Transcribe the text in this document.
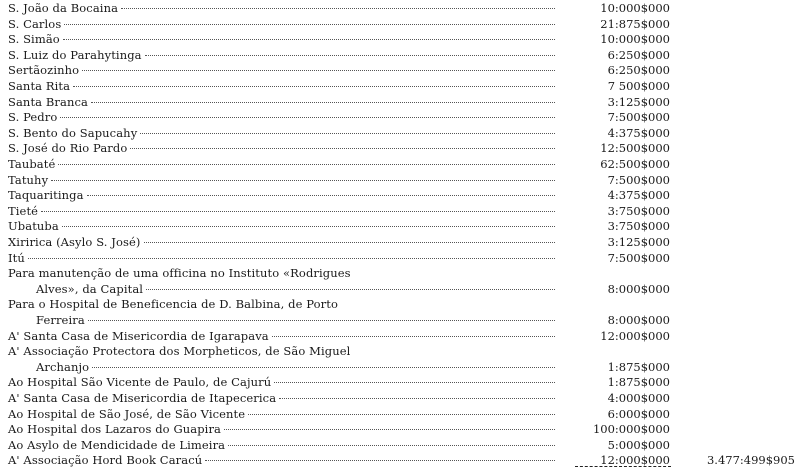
S. João da Bocaina	10:000$000
S. Carlos	21:875$000
S. Simão	10:000$000
S. Luiz do Parahytinga	6:250$000
Sertãozinho	6:250$000
Santa Rita	7 500$000
Santa Branca	3:125$000
S. Pedro	7:500$000
S. Bento do Sapucahy	4:375$000
S. José do Rio Pardo	12:500$000
Taubaté	62:500$000
Tatuhy	7:500$000
Taquaritinga	4:375$000
Tieté	3:750$000
Ubatuba	3:750$000
Xiririca (Asylo S. José)	3:125$000
Itú	7:500$000
Para manutenção de uma officina no Instituto «Rodrigues
Alves», da Capital	8:000$000
Para o Hospital de Beneficencia de D. Balbina, de Porto
Ferreira	8:000$000
A' Santa Casa de Misericordia de Igarapava	12:000$000
A' Associação Protectora dos Morpheticos, de São Miguel
Archanjo	1:875$000
Ao Hospital São Vicente de Paulo, de Cajurú	1:875$000
A' Santa Casa de Misericordia de Itapecerica	4:000$000
Ao Hospital de São José, de São Vicente	6:000$000
Ao Hospital dos Lazaros do Guapira	100:000$000
Ao Asylo de Mendicidade de Limeira	5:000$000
A' Associação Hord Book Caracú	12:000$000	3.477:499$905
